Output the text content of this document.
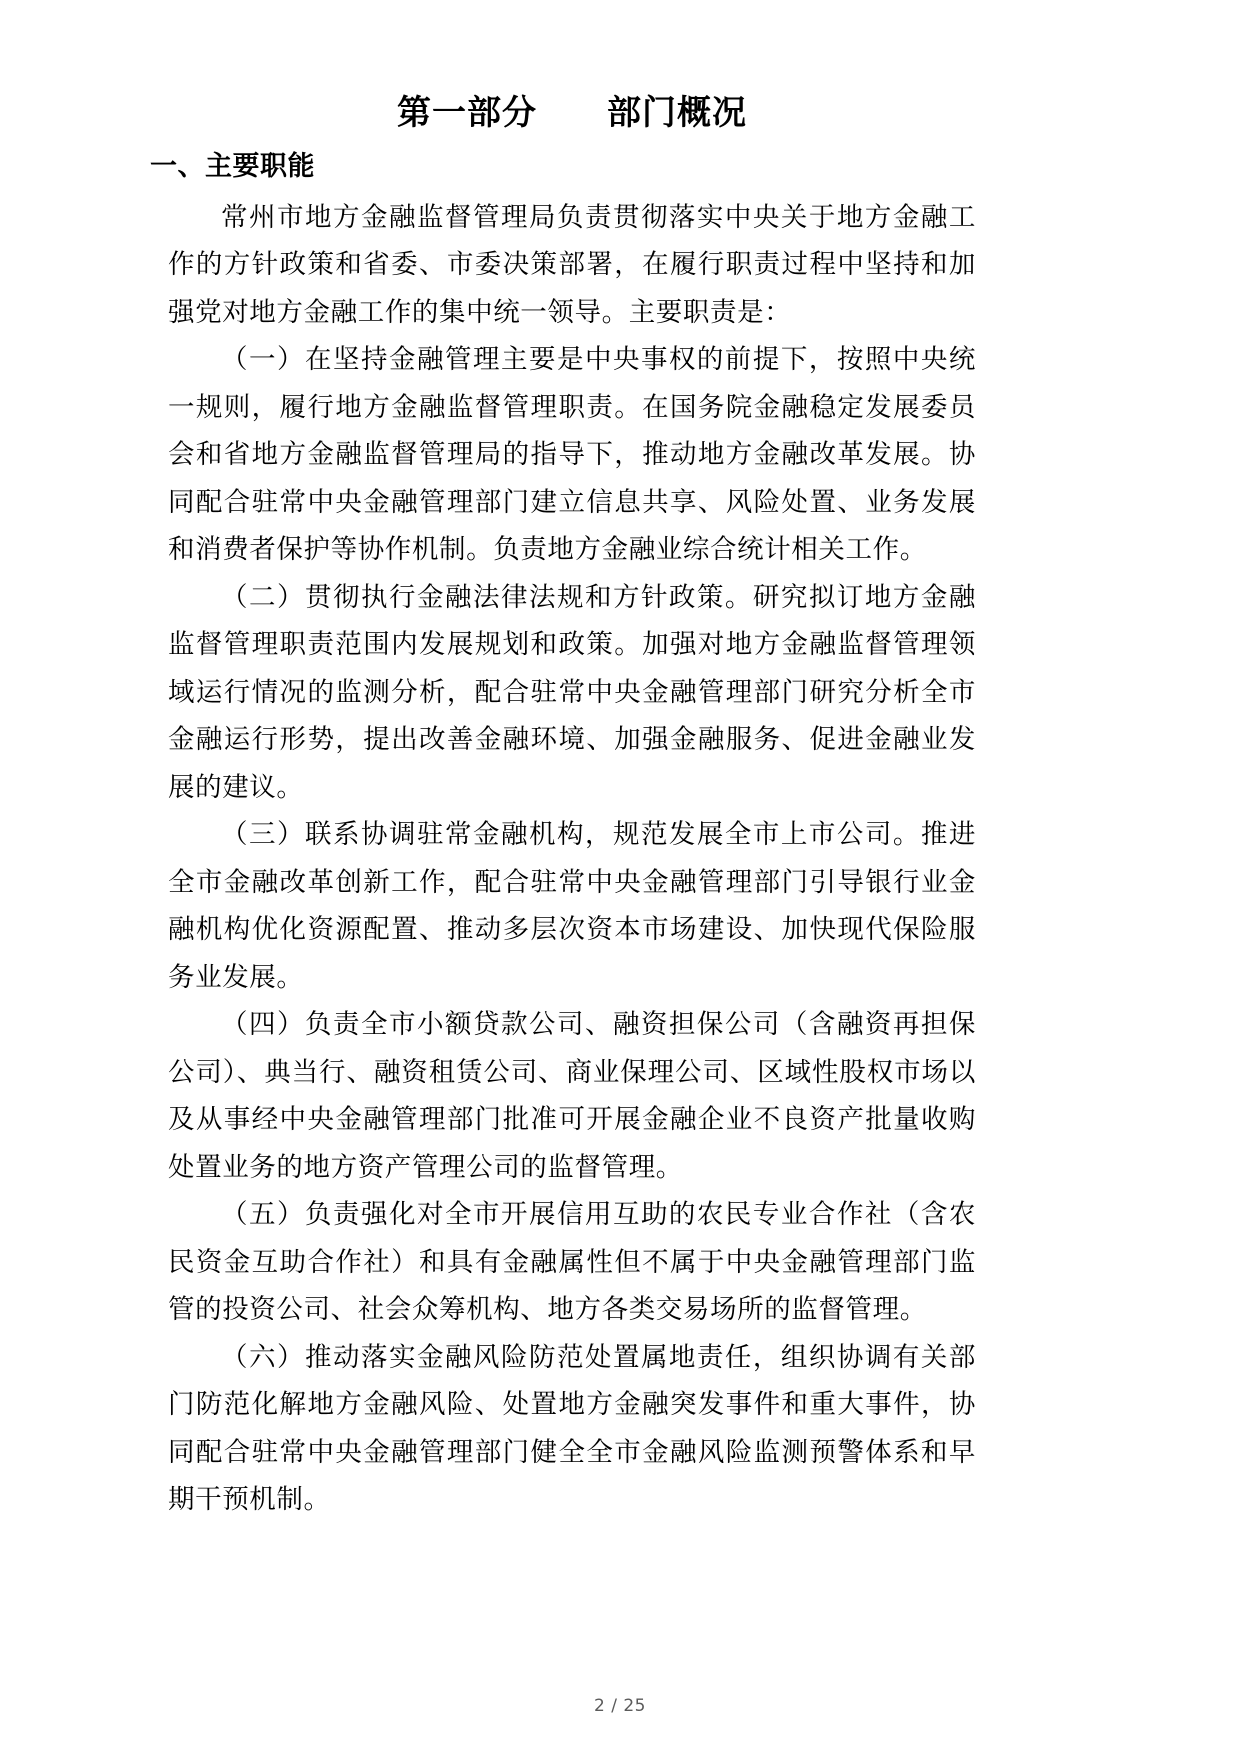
第一部分　　部门概况
一、主要职能

常州市地方金融监督管理局负责贯彻落实中央关于地方金融工作的方针政策和省委、市委决策部署，在履行职责过程中坚持和加强党对地方金融工作的集中统一领导。主要职责是：

（一）在坚持金融管理主要是中央事权的前提下，按照中央统一规则，履行地方金融监督管理职责。在国务院金融稳定发展委员会和省地方金融监督管理局的指导下，推动地方金融改革发展。协同配合驻常中央金融管理部门建立信息共享、风险处置、业务发展和消费者保护等协作机制。负责地方金融业综合统计相关工作。

（二）贯彻执行金融法律法规和方针政策。研究拟订地方金融监督管理职责范围内发展规划和政策。加强对地方金融监督管理领域运行情况的监测分析，配合驻常中央金融管理部门研究分析全市金融运行形势，提出改善金融环境、加强金融服务、促进金融业发展的建议。

（三）联系协调驻常金融机构，规范发展全市上市公司。推进全市金融改革创新工作，配合驻常中央金融管理部门引导银行业金融机构优化资源配置、推动多层次资本市场建设、加快现代保险服务业发展。

（四）负责全市小额贷款公司、融资担保公司（含融资再担保公司）、典当行、融资租赁公司、商业保理公司、区域性股权市场以及从事经中央金融管理部门批准可开展金融企业不良资产批量收购处置业务的地方资产管理公司的监督管理。

（五）负责强化对全市开展信用互助的农民专业合作社（含农民资金互助合作社）和具有金融属性但不属于中央金融管理部门监管的投资公司、社会众筹机构、地方各类交易场所的监督管理。

（六）推动落实金融风险防范处置属地责任，组织协调有关部门防范化解地方金融风险、处置地方金融突发事件和重大事件，协同配合驻常中央金融管理部门健全全市金融风险监测预警体系和早期干预机制。

2 / 25
